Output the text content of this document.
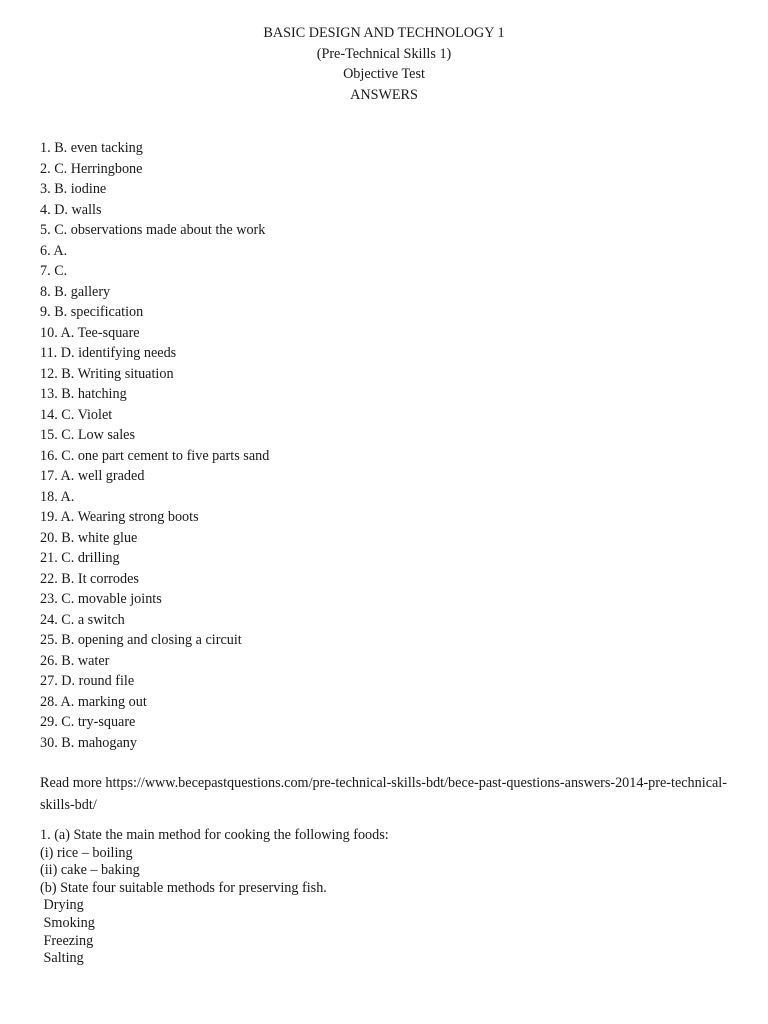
BASIC DESIGN AND TECHNOLOGY 1
(Pre-Technical Skills 1)
Objective Test
ANSWERS
1. B. even tacking
2. C. Herringbone
3. B. iodine
4. D. walls
5. C. observations made about the work
6. A.
7. C.
8. B. gallery
9. B. specification
10. A. Tee-square
11. D. identifying needs
12. B. Writing situation
13. B. hatching
14. C. Violet
15. C. Low sales
16. C. one part cement to five parts sand
17. A. well graded
18. A.
19. A. Wearing strong boots
20. B. white glue
21. C. drilling
22. B. It corrodes
23. C. movable joints
24. C. a switch
25. B. opening and closing a circuit
26. B. water
27. D. round file
28. A. marking out
29. C. try-square
30. B. mahogany
Read more https://www.becepastquestions.com/pre-technical-skills-bdt/bece-past-questions-answers-2014-pre-technical-skills-bdt/
1. (a) State the main method for cooking the following foods:
(i) rice – boiling
(ii) cake – baking
(b) State four suitable methods for preserving fish.
Drying
Smoking
Freezing
Salting
